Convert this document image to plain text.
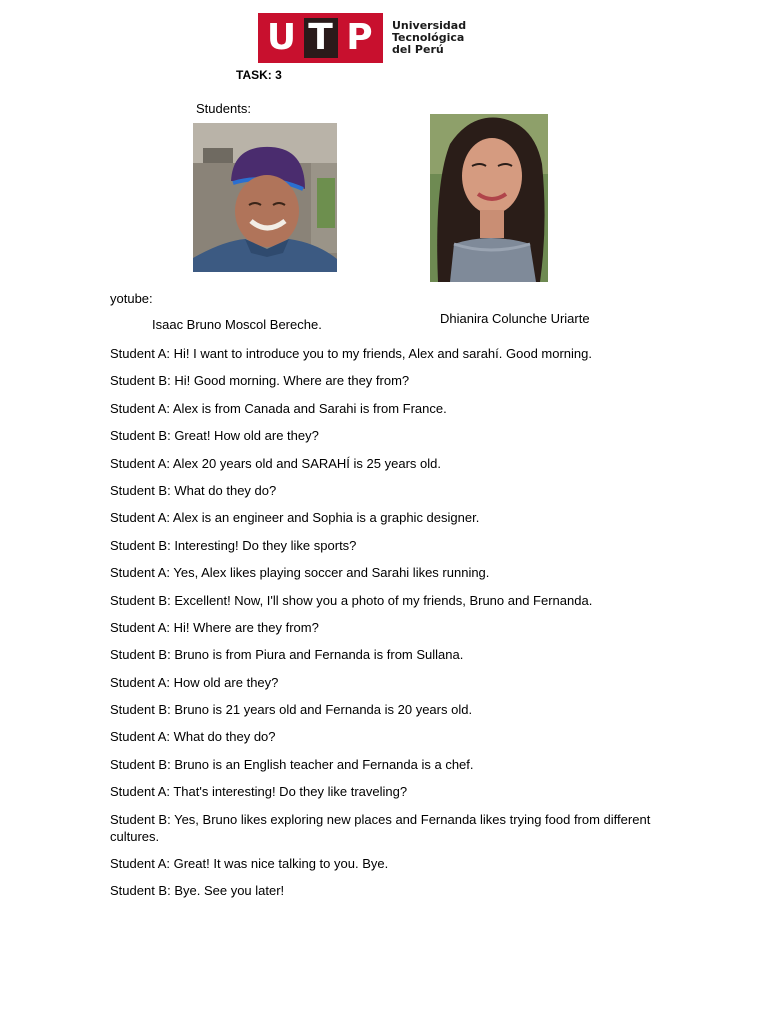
U T P	Universidad
Tecnológica
del Perú
TASK: 3
Students:
yotube:
Isaac Bruno Moscol Bereche.	Dhianira Colunche Uriarte

Student A: Hi! I want to introduce you to my friends, Alex and sarahí. Good morning.

Student B: Hi! Good morning. Where are they from?

Student A: Alex is from Canada and Sarahi is from France.

Student B: Great! How old are they?

Student A: Alex 20 years old and SARAHÍ is 25 years old.

Student B: What do they do?

Student A: Alex is an engineer and Sophia is a graphic designer.

Student B: Interesting! Do they like sports?

Student A: Yes, Alex likes playing soccer and Sarahi likes running.

Student B: Excellent! Now, I'll show you a photo of my friends, Bruno and Fernanda.

Student A: Hi! Where are they from?

Student B: Bruno is from Piura and Fernanda is from Sullana.

Student A: How old are they?

Student B: Bruno is 21 years old and Fernanda is 20 years old.

Student A: What do they do?

Student B: Bruno is an English teacher and Fernanda is a chef.

Student A: That's interesting! Do they like traveling?

Student B: Yes, Bruno likes exploring new places and Fernanda likes trying food from different cultures.

Student A: Great! It was nice talking to you. Bye.

Student B: Bye. See you later!
